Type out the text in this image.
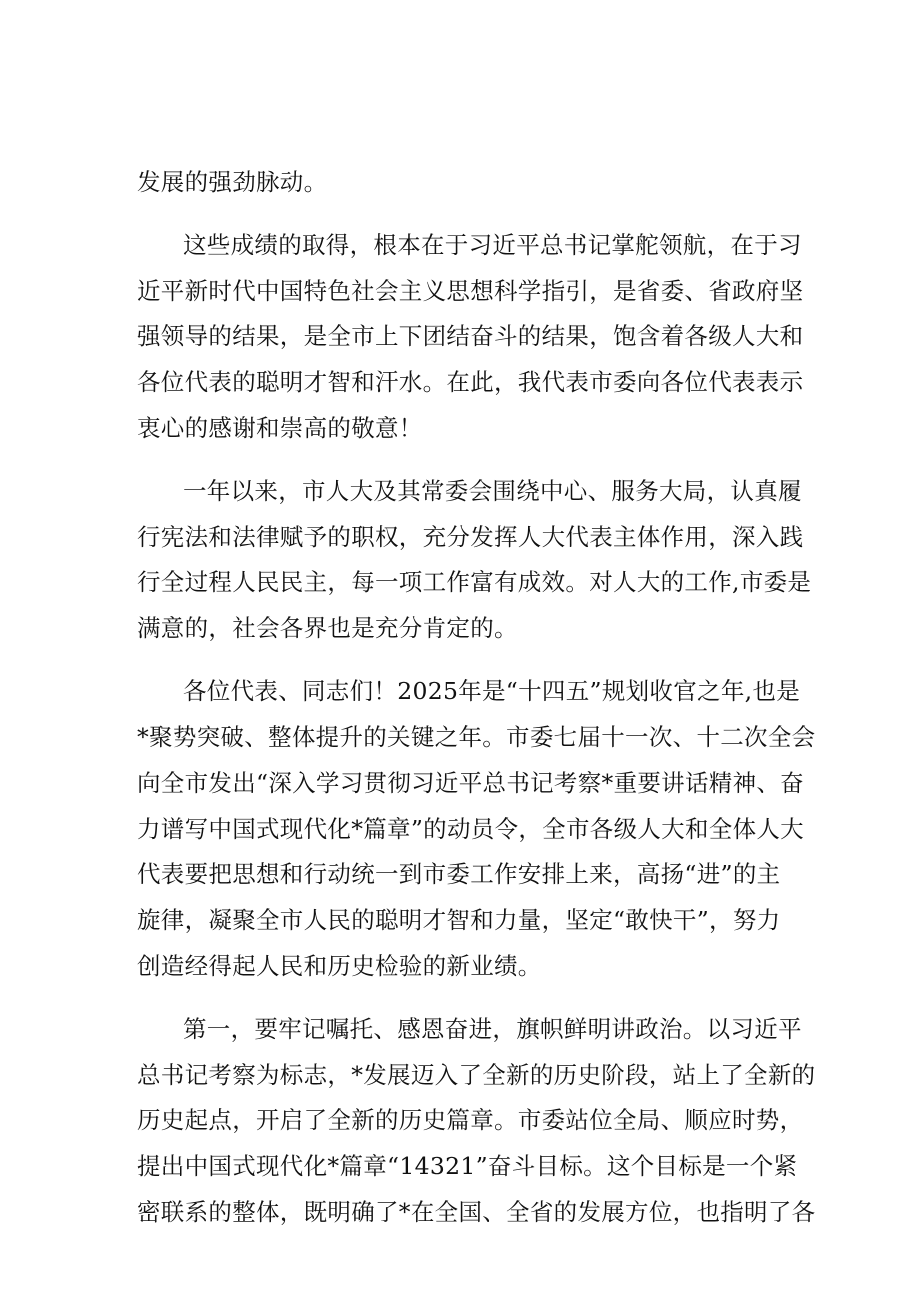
发展的强劲脉动。
这些成绩的取得，根本在于习近平总书记掌舵领航，在于习
近平新时代中国特色社会主义思想科学指引，是省委、省政府坚
强领导的结果，是全市上下团结奋斗的结果，饱含着各级人大和
各位代表的聪明才智和汗水。在此，我代表市委向各位代表表示
衷心的感谢和崇高的敬意！
一年以来，市人大及其常委会围绕中心、服务大局，认真履
行宪法和法律赋予的职权，充分发挥人大代表主体作用，深入践
行全过程人民民主，每一项工作富有成效。对人大的工作,市委是
满意的，社会各界也是充分肯定的。
各位代表、同志们！2025年是“十四五”规划收官之年,也是
*聚势突破、整体提升的关键之年。市委七届十一次、十二次全会
向全市发出“深入学习贯彻习近平总书记考察*重要讲话精神、奋
力谱写中国式现代化*篇章”的动员令，全市各级人大和全体人大
代表要把思想和行动统一到市委工作安排上来，高扬“进”的主
旋律，凝聚全市人民的聪明才智和力量，坚定“敢快干”，努力
创造经得起人民和历史检验的新业绩。
第一，要牢记嘱托、感恩奋进，旗帜鲜明讲政治。以习近平
总书记考察为标志，*发展迈入了全新的历史阶段，站上了全新的
历史起点，开启了全新的历史篇章。市委站位全局、顺应时势，
提出中国式现代化*篇章“14321”奋斗目标。这个目标是一个紧
密联系的整体，既明确了*在全国、全省的发展方位，也指明了各
